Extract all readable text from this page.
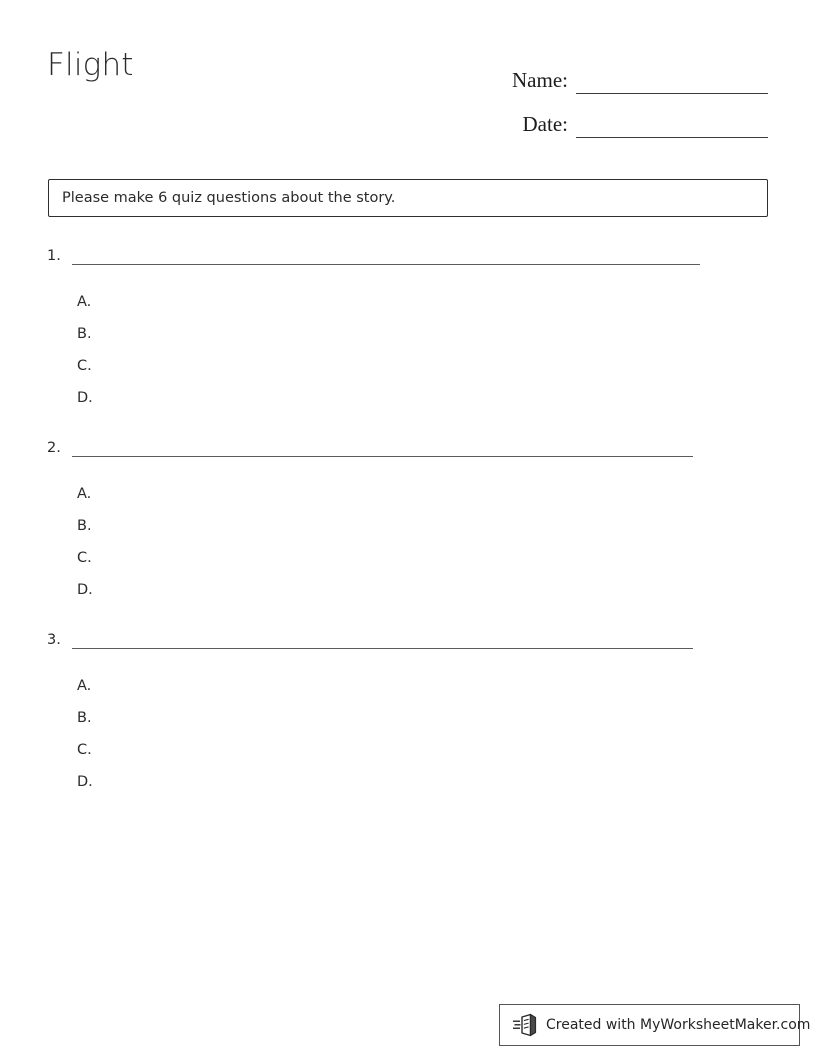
Flight	Name:
Date:
Please make 6 quiz questions about the story.
1.
A.
B.
C.
D.
2.
A.
B.
C.
D.
3.
A.
B.
C.
D.
Created with MyWorksheetMaker.com
